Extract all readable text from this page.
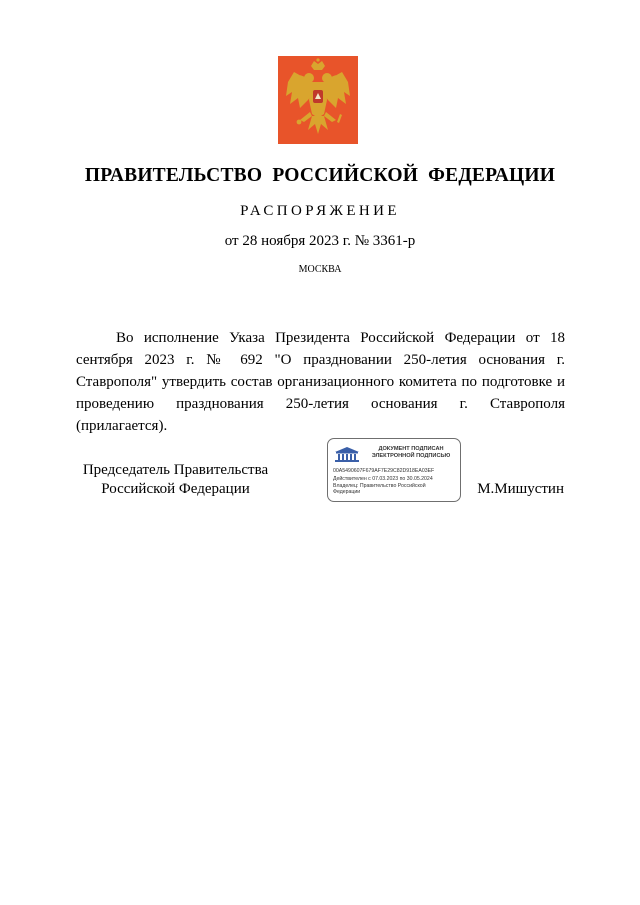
ПРАВИТЕЛЬСТВО РОССИЙСКОЙ ФЕДЕРАЦИИ
РАСПОРЯЖЕНИЕ
от 28 ноября 2023 г. № 3361-р
МОСКВА

Во исполнение Указа Президента Российской Федерации от 18 сентября 2023 г. № 692 "О праздновании 250-летия основания г. Ставрополя" утвердить состав организационного комитета по подготовке и проведению празднования 250-летия основания г. Ставрополя (прилагается).

Председатель Правительства
Российской Федерации
ДОКУМЕНТ ПОДПИСАН
ЭЛЕКТРОННОЙ ПОДПИСЬЮ
00A5490607F679AF7E29C82D918EA03EF
Действителен с 07.03.2023 по 30.05.2024
Владелец: Правительство Российской Федерации	М.Мишустин
